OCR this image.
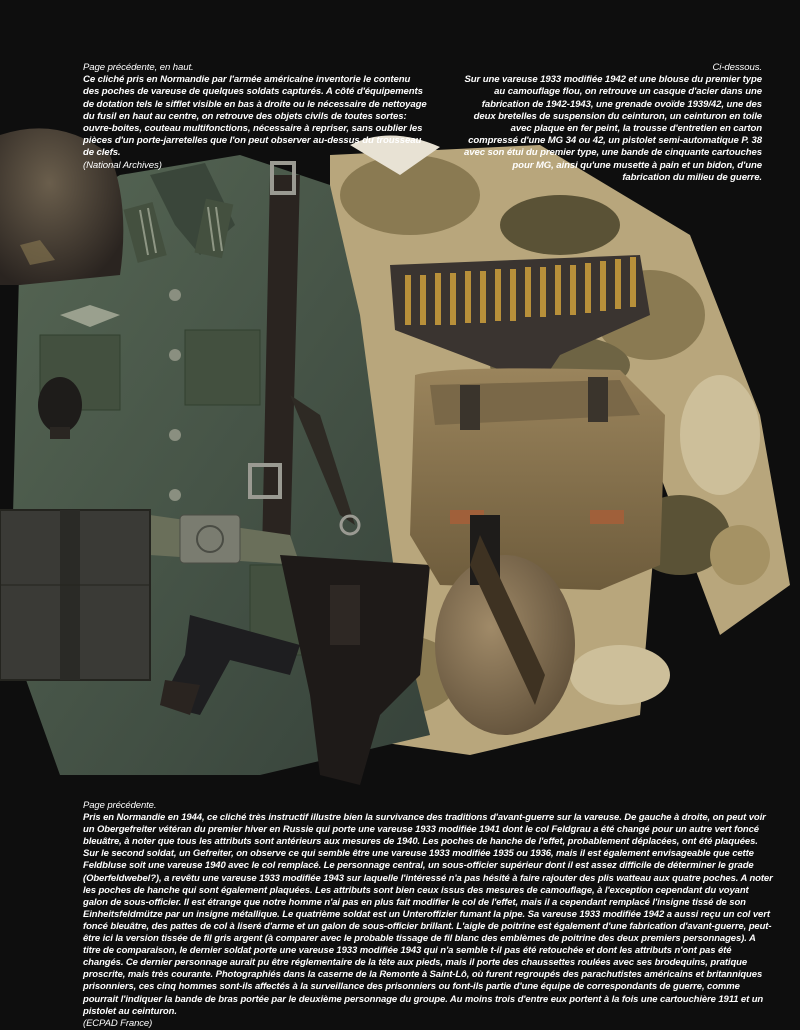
Page précédente, en haut.
Ce cliché pris en Normandie par l'armée américaine inventorie le contenu des poches de vareuse de quelques soldats capturés. A côté d'équipements de dotation tels le sifflet visible en bas à droite ou le nécessaire de nettoyage du fusil en haut au centre, on retrouve des objets civils de toutes sortes: ouvre-boites, couteau multifonctions, nécessaire à repriser, sans oublier les pièces d'un porte-jarretelles que l'on peut observer au-dessus du trousseau de clefs.
(National Archives)
Ci-dessous.
Sur une vareuse 1933 modifiée 1942 et une blouse du premier type au camouflage flou, on retrouve un casque d'acier dans une fabrication de 1942-1943, une grenade ovoïde 1939/42, une des deux bretelles de suspension du ceinturon, un ceinturon en toile avec plaque en fer peint, la trousse d'entretien en carton compressé d'une MG 34 ou 42, un pistolet semi-automatique P. 38 avec son étui du premier type, une bande de cinquante cartouches pour MG, ainsi qu'une musette à pain et un bidon, d'une fabrication du milieu de guerre.
Page précédente.
Pris en Normandie en 1944, ce cliché très instructif illustre bien la survivance des traditions d'avant-guerre sur la vareuse. De gauche à droite, on peut voir un Obergefreiter vétéran du premier hiver en Russie qui porte une vareuse 1933 modifiée 1941 dont le col Feldgrau a été changé pour un autre vert foncé bleuâtre, à noter que tous les attributs sont antérieurs aux mesures de 1940. Les poches de hanche de l'effet, probablement déplacées, ont été plaquées. Sur le second soldat, un Gefreiter, on observe ce qui semble être une vareuse 1933 modifiée 1935 ou 1936, mais il est également envisageable que cette Feldbluse soit une vareuse 1940 avec le col remplacé. Le personnage central, un sous-officier supérieur dont il est assez difficile de déterminer le grade (Oberfeldwebel?), a revêtu une vareuse 1933 modifiée 1943 sur laquelle l'intéressé n'a pas hésité à faire rajouter des plis watteau aux quatre poches. A noter les poches de hanche qui sont également plaquées. Les attributs sont bien ceux issus des mesures de camouflage, à l'exception cependant du voyant galon de sous-officier. Il est étrange que notre homme n'ai pas en plus fait modifier le col de l'effet, mais il a cependant remplacé l'insigne tissé de son Einheitsfeldmütze par un insigne métallique. Le quatrième soldat est un Unteroffizier fumant la pipe. Sa vareuse 1933 modifiée 1942 a aussi reçu un col vert foncé bleuâtre, des pattes de col à liseré d'arme et un galon de sous-officier brillant. L'aigle de poitrine est également d'une fabrication d'avant-guerre, peut-être ici la version tissée de fil gris argent (à comparer avec le probable tissage de fil blanc des emblèmes de poitrine des deux premiers personnages). A titre de comparaison, le dernier soldat porte une vareuse 1933 modifiée 1943 qui n'a semble t-il pas été retouchée et dont les attributs n'ont pas été changés. Ce dernier personnage aurait pu être réglementaire de la tête aux pieds, mais il porte des chaussettes roulées avec ses brodequins, pratique proscrite, mais très courante. Photographiés dans la caserne de la Remonte à Saint-Lô, où furent regroupés des parachutistes américains et britanniques prisonniers, ces cinq hommes sont-ils affectés à la surveillance des prisonniers ou font-ils partie d'une équipe de correspondants de guerre, comme pourrait l'indiquer la bande de bras portée par le deuxième personnage du groupe. Au moins trois d'entre eux portent à la fois une cartouchière 1911 et un pistolet au ceinturon.
(ECPAD France)
